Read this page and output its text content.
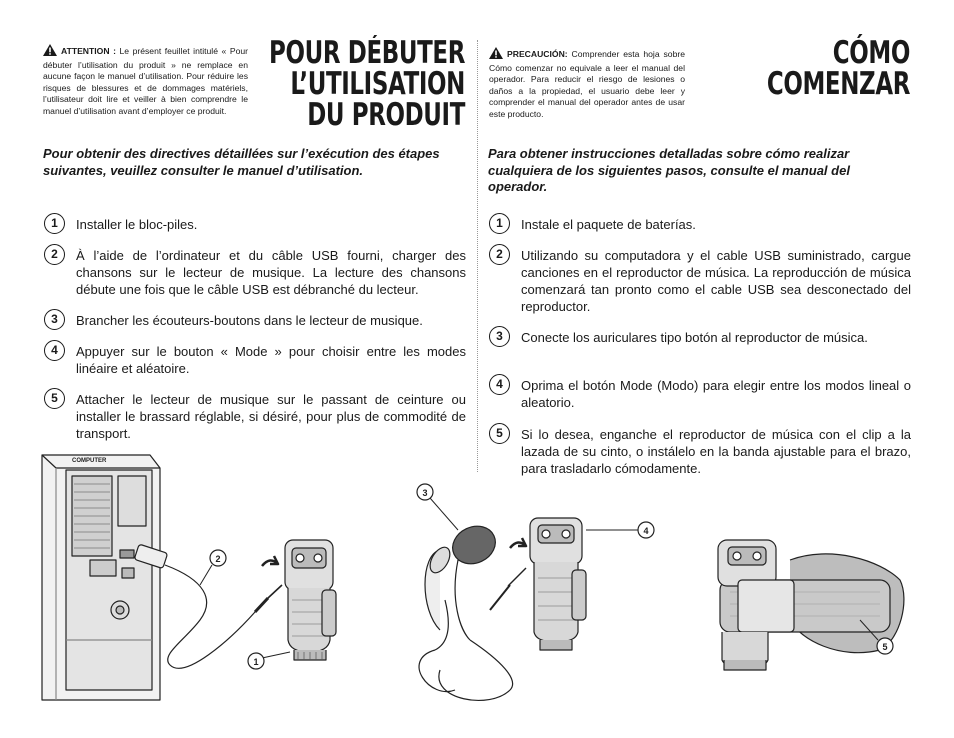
ATTENTION : Le présent feuillet intitulé « Pour débuter l’utilisation du produit » ne remplace en aucune façon le manuel d’utilisation. Pour réduire les risques de blessures et de dommages matériels, l’utilisateur doit lire et veiller à bien comprendre le manuel d’utilisation avant d’employer ce produit.
POUR DÉBUTER
L’UTILISATION
DU PRODUIT
Pour obtenir des directives détaillées sur l’exécution des étapes suivantes, veuillez consulter le manuel d’utilisation.
1	Installer le bloc-piles.
2	À l’aide de l’ordinateur et du câble USB fourni, charger des chansons sur le lecteur de musique. La lecture des chansons débute une fois que le câble USB est débranché du lecteur.
3	Brancher les écouteurs-boutons dans le lecteur de musique.
4	Appuyer sur le bouton « Mode » pour choisir entre les modes linéaire et aléatoire.
5	Attacher le lecteur de musique sur le passant de ceinture ou installer le brassard réglable, si désiré, pour plus de commodité de transport.
PRECAUCIÓN: Comprender esta hoja sobre Cómo comenzar no equivale a leer el manual del operador. Para reducir el riesgo de lesiones o daños a la propiedad, el usuario debe leer y comprender el manual del operador antes de usar este producto.
CÓMO
COMENZAR
Para obtener instrucciones detalladas sobre cómo realizar cualquiera de los siguientes pasos, consulte el manual del operador.
1	Instale el paquete de baterías.
2	Utilizando su computadora y el cable USB suministrado, cargue canciones en el reproductor de música. La reproducción de música comenzará tan pronto como el cable USB sea desconectado del reproductor.
3	Conecte los auriculares tipo botón al reproductor de música.
4	Oprima el botón Mode (Modo) para elegir entre los modos lineal o aleatorio.
5	Si lo desea, enganche el reproductor de música con el clip a la lazada de su cinto, o instálelo en la banda ajustable para el brazo, para trasladarlo cómodamente.
COMPUTER
1
2
3
4
5
